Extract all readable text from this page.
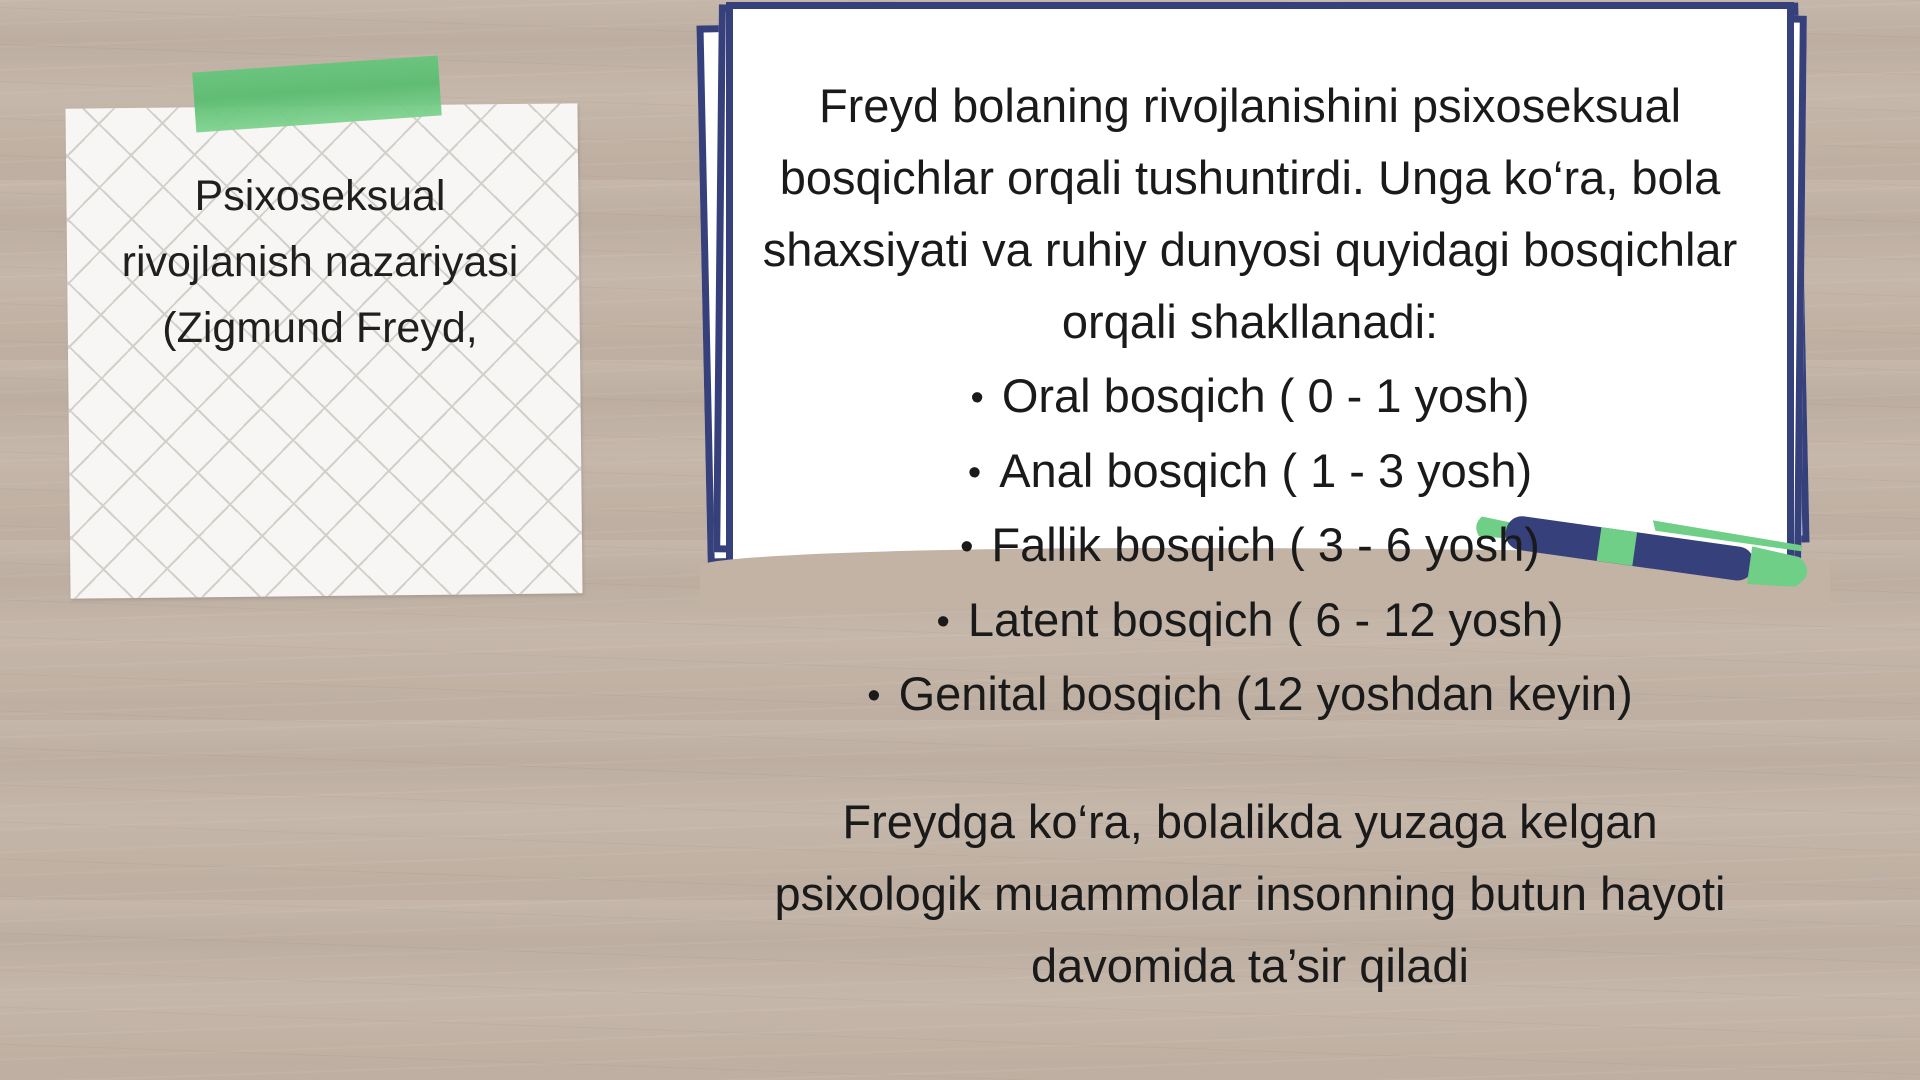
Psixoseksual rivojlanish nazariyasi (Zigmund Freyd,
Freyd bolaning rivojlanishini psixoseksual bosqichlar orqali tushuntirdi. Unga ko‘ra, bola shaxsiyati va ruhiy dunyosi quyidagi bosqichlar orqali shakllanadi:
• Oral bosqich ( 0 - 1 yosh)
• Anal bosqich ( 1 - 3 yosh)
• Fallik bosqich ( 3 - 6 yosh)
• Latent bosqich ( 6 - 12 yosh)
• Genital bosqich (12 yoshdan keyin)
Freydga ko‘ra, bolalikda yuzaga kelgan psixologik muammolar insonning butun hayoti davomida ta’sir qiladi
